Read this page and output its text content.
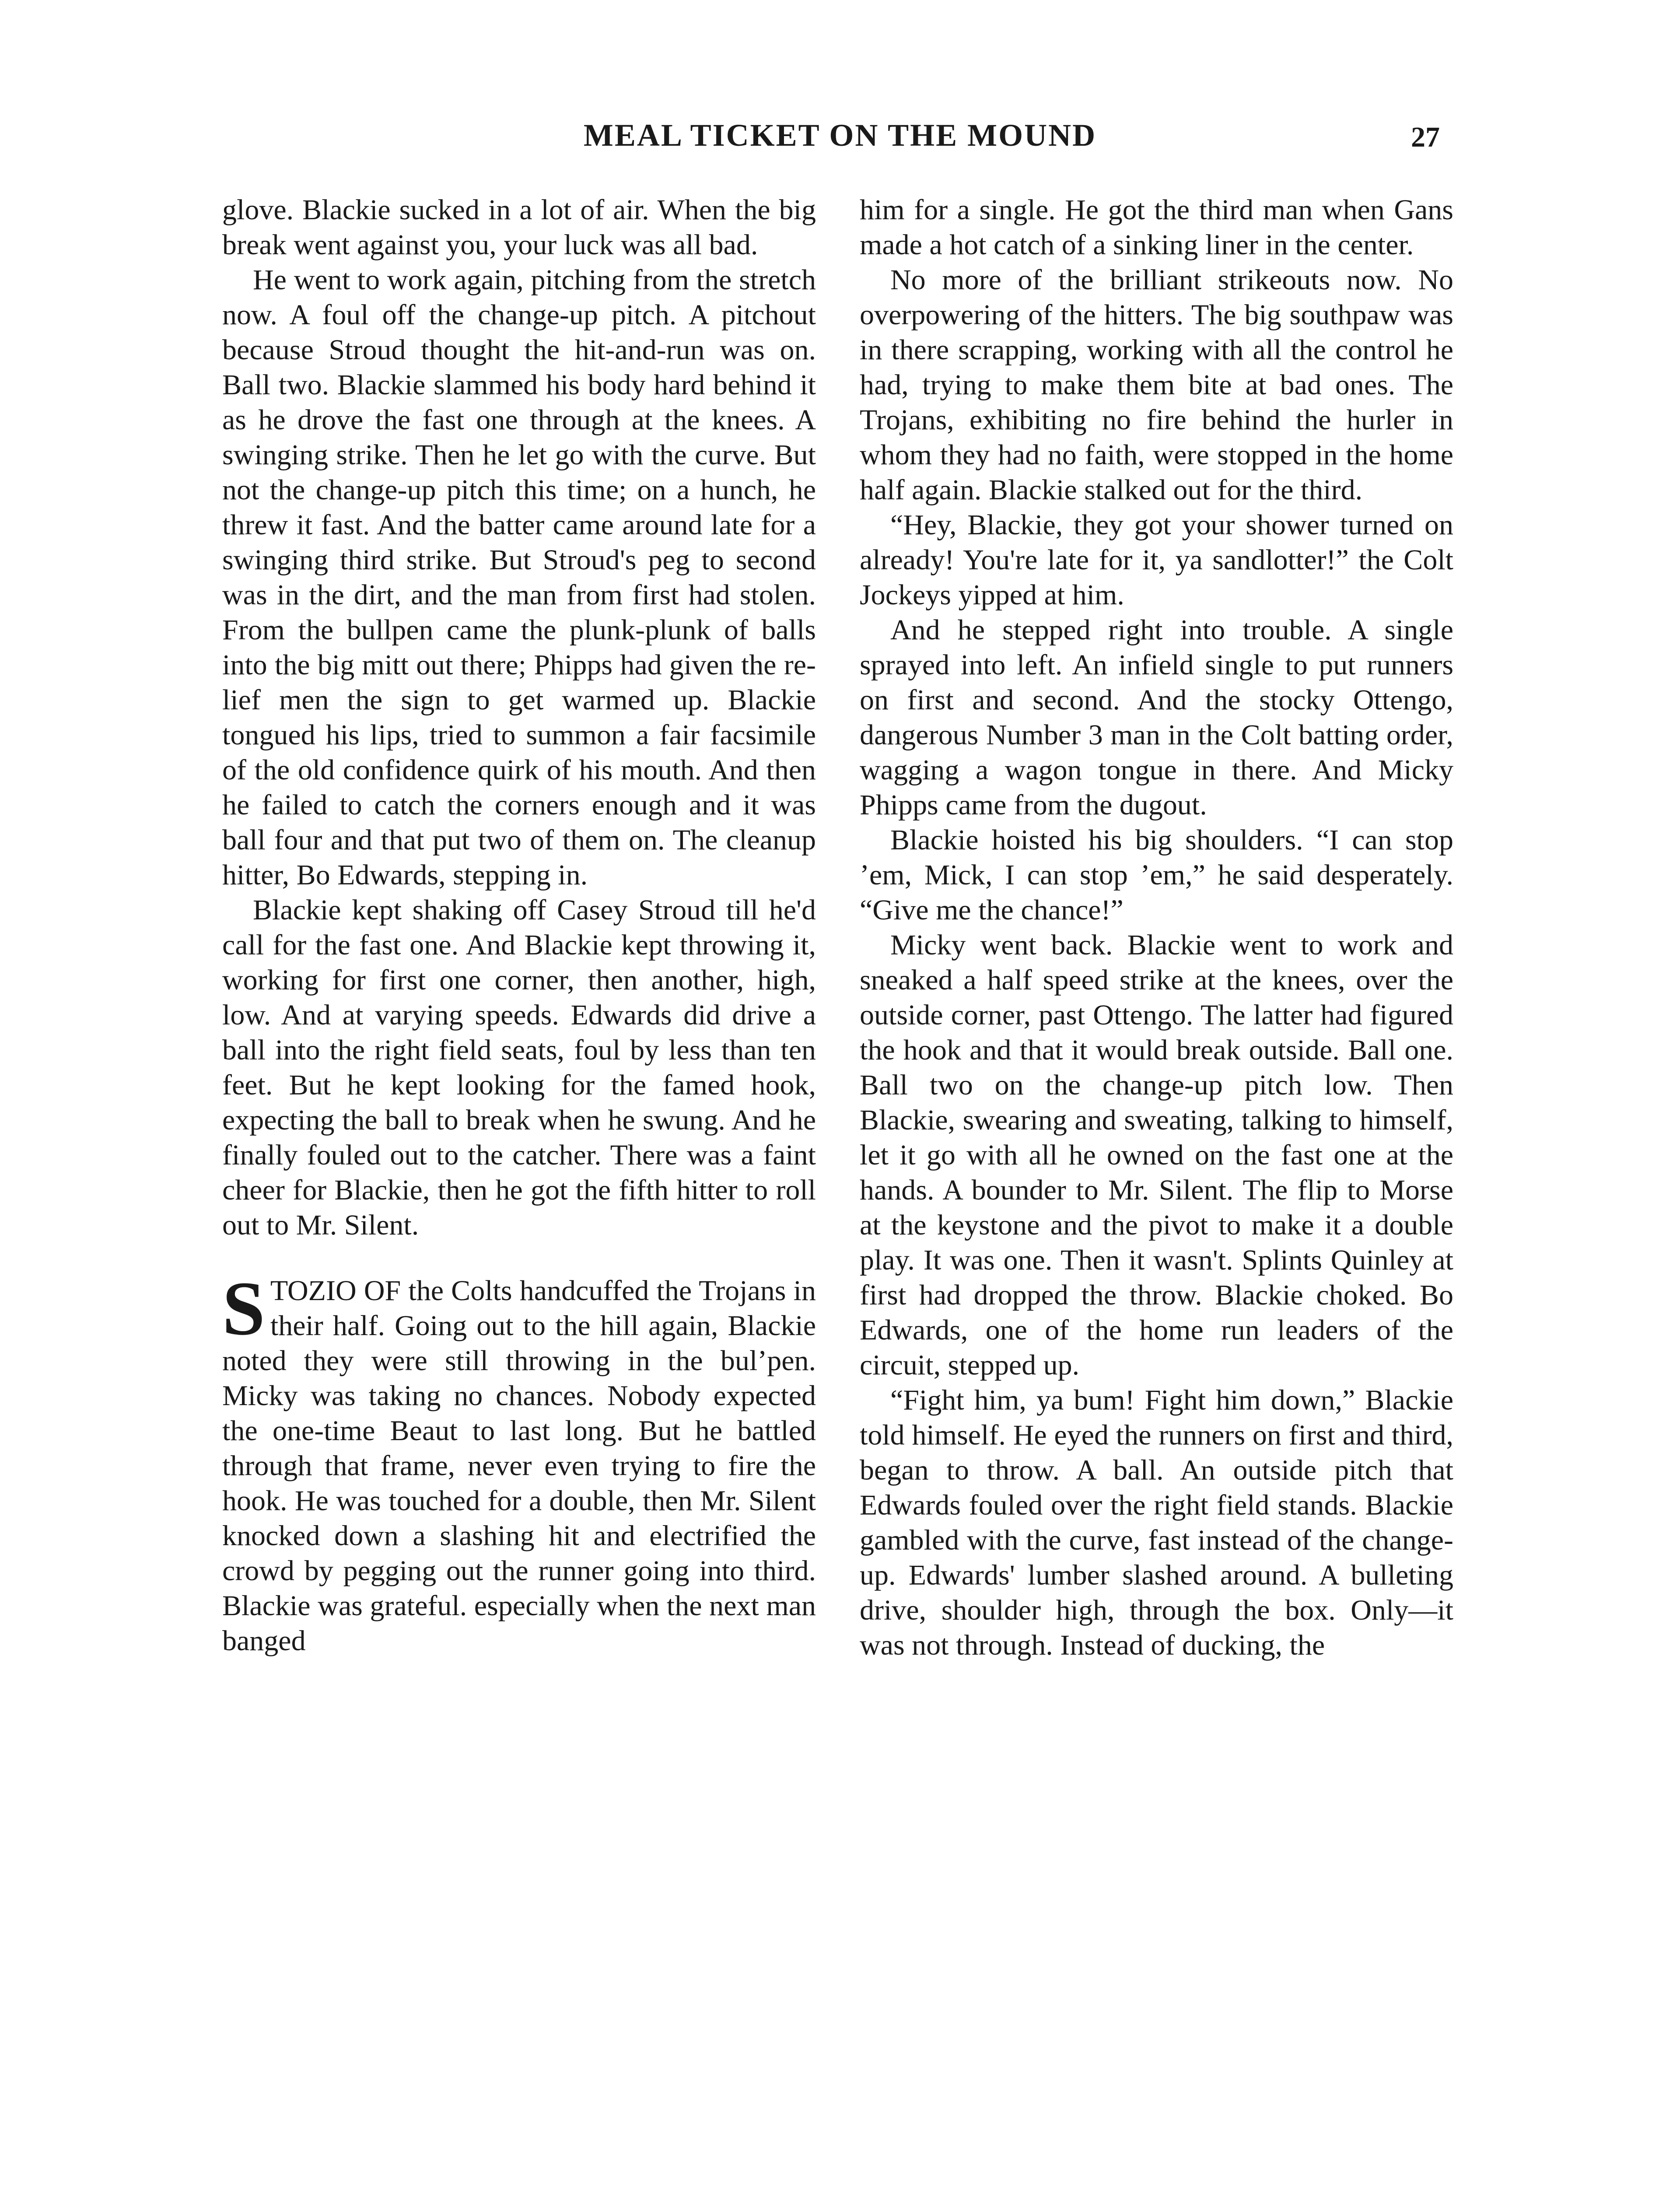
MEAL TICKET ON THE MOUND	27

glove. Blackie sucked in a lot of air. When the big break went against you, your luck was all bad.

He went to work again, pitching from the stretch now. A foul off the change-up pitch. A pitchout because Stroud thought the hit-and-run was on. Ball two. Blackie slammed his body hard behind it as he drove the fast one through at the knees. A swinging strike. Then he let go with the curve. But not the change-up pitch this time; on a hunch, he threw it fast. And the batter came around late for a swinging third strike. But Stroud's peg to second was in the dirt, and the man from first had stolen. From the bullpen came the plunk-plunk of balls into the big mitt out there; Phipps had given the relief men the sign to get warmed up. Blackie tongued his lips, tried to summon a fair facsimile of the old confidence quirk of his mouth. And then he failed to catch the corners enough and it was ball four and that put two of them on. The cleanup hitter, Bo Edwards, stepping in.

Blackie kept shaking off Casey Stroud till he'd call for the fast one. And Blackie kept throwing it, working for first one corner, then another, high, low. And at varying speeds. Edwards did drive a ball into the right field seats, foul by less than ten feet. But he kept looking for the famed hook, expecting the ball to break when he swung. And he finally fouled out to the catcher. There was a faint cheer for Blackie, then he got the fifth hitter to roll out to Mr. Silent.

STOZIO OF the Colts handcuffed the Trojans in their half. Going out to the hill again, Blackie noted they were still throwing in the bul’pen. Micky was taking no chances. Nobody expected the one-time Beaut to last long. But he battled through that frame, never even trying to fire the hook. He was touched for a double, then Mr. Silent knocked down a slashing hit and electrified the crowd by pegging out the runner going into third. Blackie was grateful. especially when the next man banged

him for a single. He got the third man when Gans made a hot catch of a sinking liner in the center.

No more of the brilliant strikeouts now. No overpowering of the hitters. The big southpaw was in there scrapping, working with all the control he had, trying to make them bite at bad ones. The Trojans, exhibiting no fire behind the hurler in whom they had no faith, were stopped in the home half again. Blackie stalked out for the third.

“Hey, Blackie, they got your shower turned on already! You're late for it, ya sandlotter!” the Colt Jockeys yipped at him.

And he stepped right into trouble. A single sprayed into left. An infield single to put runners on first and second. And the stocky Ottengo, dangerous Number 3 man in the Colt batting order, wagging a wagon tongue in there. And Micky Phipps came from the dugout.

Blackie hoisted his big shoulders. “I can stop ’em, Mick, I can stop ’em,” he said desperately. “Give me the chance!”

Micky went back. Blackie went to work and sneaked a half speed strike at the knees, over the outside corner, past Ottengo. The latter had figured the hook and that it would break outside. Ball one. Ball two on the change-up pitch low. Then Blackie, swearing and sweating, talking to himself, let it go with all he owned on the fast one at the hands. A bounder to Mr. Silent. The flip to Morse at the keystone and the pivot to make it a double play. It was one. Then it wasn't. Splints Quinley at first had dropped the throw. Blackie choked. Bo Edwards, one of the home run leaders of the circuit, stepped up.

“Fight him, ya bum! Fight him down,” Blackie told himself. He eyed the runners on first and third, began to throw. A ball. An outside pitch that Edwards fouled over the right field stands. Blackie gambled with the curve, fast instead of the change-up. Edwards' lumber slashed around. A bulleting drive, shoulder high, through the box. Only—it was not through. Instead of ducking, the
